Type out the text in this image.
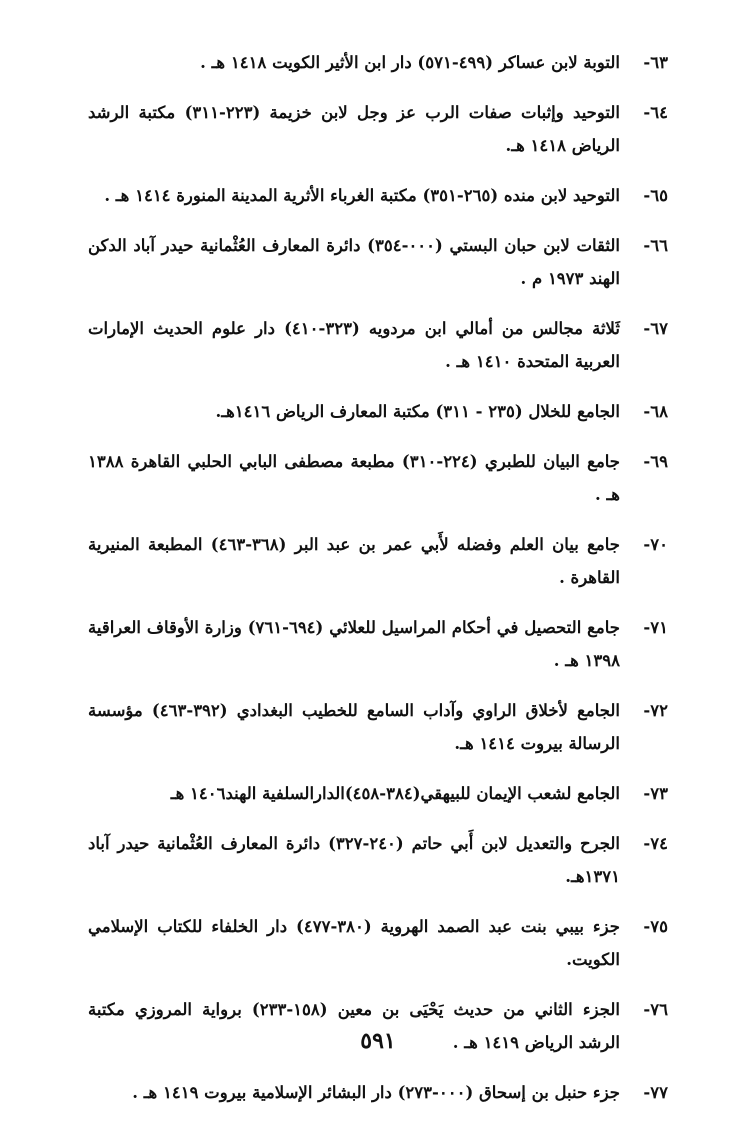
٦٣-
التوبة لابن عساكر (٤٩٩-٥٧١) دار ابن الأثير الكويت ١٤١٨ هـ .
٦٤-
التوحيد وإثبات صفات الرب عز وجل لابن خزيمة (٢٢٣-٣١١) مكتبة الرشد الرياض ١٤١٨ هـ.
٦٥-
التوحيد لابن منده (٢٦٥-٣٥١) مكتبة الغرباء الأثرية المدينة المنورة ١٤١٤ هـ .
٦٦-
الثقات لابن حبان البستي (٠٠٠-٣٥٤) دائرة المعارف العُثْمانية حيدر آباد الدكن الهند ١٩٧٣ م .
٦٧-
ثَلاثة مجالس من أمالي ابن مردويه (٣٢٣-٤١٠) دار علوم الحديث الإمارات العربية المتحدة ١٤١٠ هـ .
٦٨-
الجامع للخلال (٢٣٥ - ٣١١) مكتبة المعارف الرياض ١٤١٦هـ.
٦٩-
جامع البيان للطبري (٢٢٤-٣١٠) مطبعة مصطفى البابي الحلبي القاهرة ١٣٨٨ هـ .
٧٠-
جامع بيان العلم وفضله لأَبي عمر بن عبد البر (٣٦٨-٤٦٣) المطبعة المنيرية القاهرة .
٧١-
جامع التحصيل في أحكام المراسيل للعلائي (٦٩٤-٧٦١) وزارة الأوقاف العراقية ١٣٩٨ هـ .
٧٢-
الجامع لأخلاق الراوي وآداب السامع للخطيب البغدادي (٣٩٢-٤٦٣) مؤسسة الرسالة بيروت ١٤١٤ هـ.
٧٣-
الجامع لشعب الإيمان للبيهقي(٣٨٤-٤٥٨)الدارالسلفية الهند١٤٠٦ هـ
٧٤-
الجرح والتعديل لابن أَبي حاتم (٢٤٠-٣٢٧) دائرة المعارف العُثْمانية حيدر آباد ١٣٧١هـ.
٧٥-
جزء بيبي بنت عبد الصمد الهروية (٣٨٠-٤٧٧) دار الخلفاء للكتاب الإسلامي الكويت.
٧٦-
الجزء الثاني من حديث يَحْيَى بن معين (١٥٨-٢٣٣) برواية المروزي مكتبة الرشد الرياض ١٤١٩ هـ .
٧٧-
جزء حنبل بن إسحاق (٠٠٠-٢٧٣) دار البشائر الإسلامية بيروت ١٤١٩ هـ .
٥٩١
